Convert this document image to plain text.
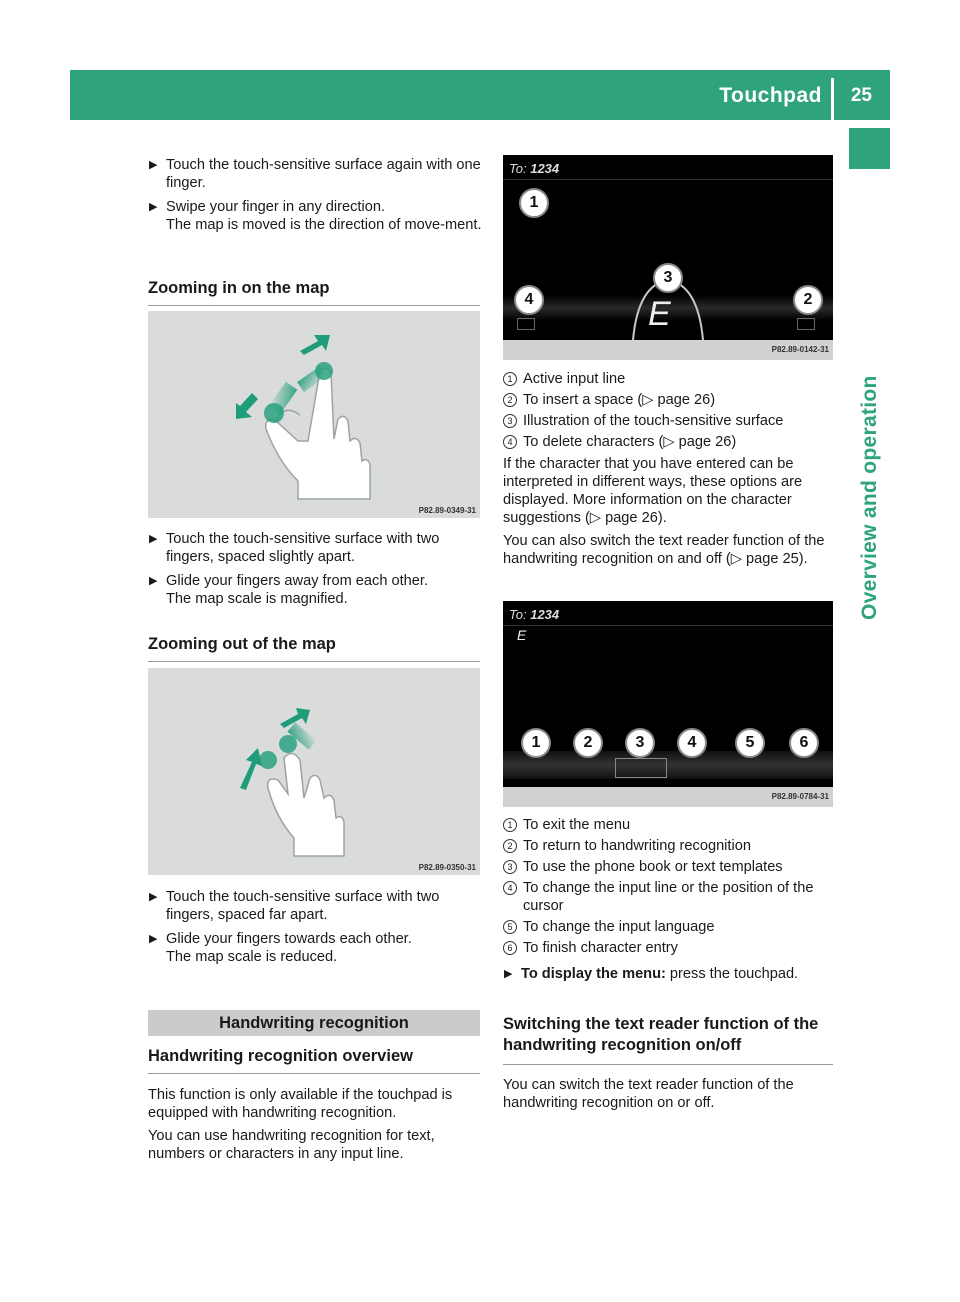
Touchpad 25
Overview and operation
▶ Touch the touch-sensitive surface again with one finger.
▶ Swipe your finger in any direction.
The map is moved is the direction of move-ment.
Zooming in on the map
P82.89-0349-31
▶ Touch the touch-sensitive surface with two fingers, spaced slightly apart.
▶ Glide your fingers away from each other.
The map scale is magnified.
Zooming out of the map
P82.89-0350-31
▶ Touch the touch-sensitive surface with two fingers, spaced far apart.
▶ Glide your fingers towards each other.
The map scale is reduced.
Handwriting recognition
Handwriting recognition overview

This function is only available if the touchpad is equipped with handwriting recognition.

You can use handwriting recognition for text, numbers or characters in any input line.

To: 1234
E
1
2
3
4
P82.89-0142-31
1 Active input line
2 To insert a space (▷ page 26)
3 Illustration of the touch-sensitive surface
4 To delete characters (▷ page 26)

If the character that you have entered can be interpreted in different ways, these options are displayed. More information on the character suggestions (▷ page 26).

You can also switch the text reader function of the handwriting recognition on and off (▷ page 25).

To: 1234
E
1	2	3	4	5	6
P82.89-0784-31
1 To exit the menu
2 To return to handwriting recognition
3 To use the phone book or text templates
4 To change the input line or the position of the cursor
5 To change the input language
6 To finish character entry
▶ To display the menu: press the touchpad.
Switching the text reader function of the handwriting recognition on/off

You can switch the text reader function of the handwriting recognition on or off.
